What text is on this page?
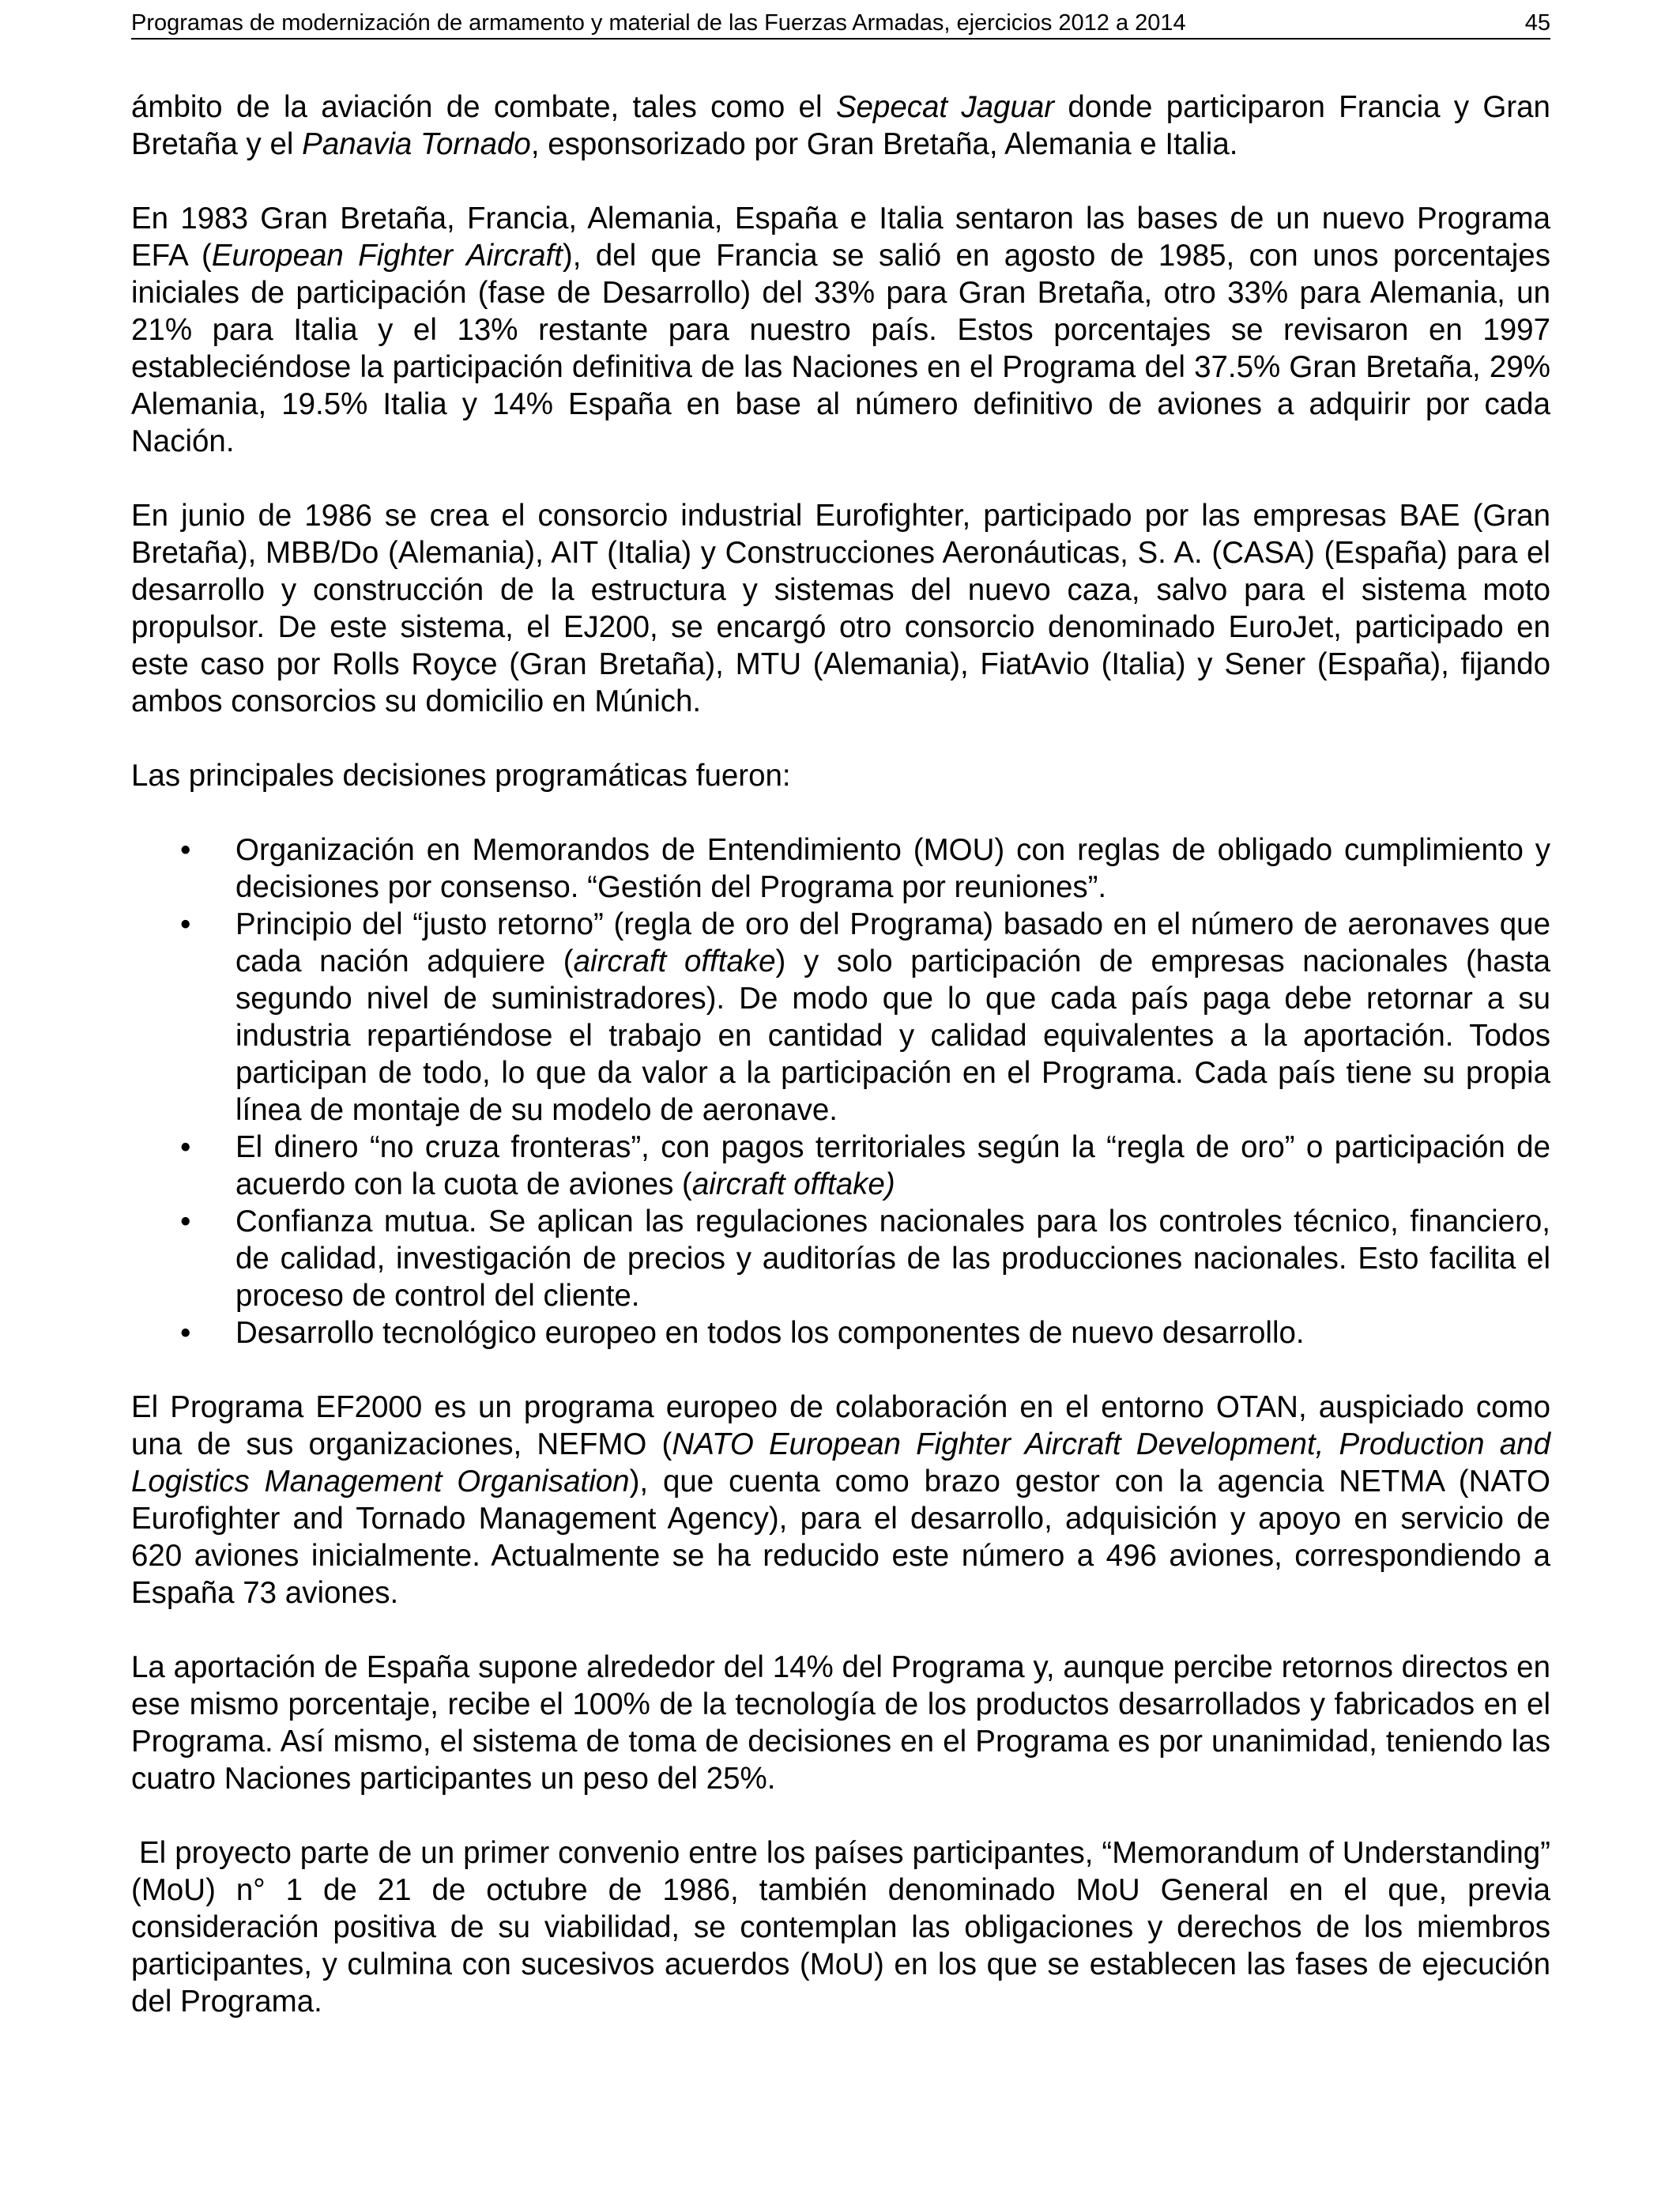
Programas de modernización de armamento y material de las Fuerzas Armadas, ejercicios 2012 a 2014	45

ámbito de la aviación de combate, tales como el Sepecat Jaguar donde participaron Francia y Gran Bretaña y el Panavia Tornado, esponsorizado por Gran Bretaña, Alemania e Italia.

En 1983 Gran Bretaña, Francia, Alemania, España e Italia sentaron las bases de un nuevo Programa EFA (European Fighter Aircraft), del que Francia se salió en agosto de 1985, con unos porcentajes iniciales de participación (fase de Desarrollo) del 33% para Gran Bretaña, otro 33% para Alemania, un 21% para Italia y el 13% restante para nuestro país. Estos porcentajes se revisaron en 1997 estableciéndose la participación definitiva de las Naciones en el Programa del 37.5% Gran Bretaña, 29% Alemania, 19.5% Italia y 14% España en base al número definitivo de aviones a adquirir por cada Nación.

En junio de 1986 se crea el consorcio industrial Eurofighter, participado por las empresas BAE (Gran Bretaña), MBB/Do (Alemania), AIT (Italia) y Construcciones Aeronáuticas, S. A. (CASA) (España) para el desarrollo y construcción de la estructura y sistemas del nuevo caza, salvo para el sistema moto propulsor. De este sistema, el EJ200, se encargó otro consorcio denominado EuroJet, participado en este caso por Rolls Royce (Gran Bretaña), MTU (Alemania), FiatAvio (Italia) y Sener (España), fijando ambos consorcios su domicilio en Múnich.

Las principales decisiones programáticas fueron:

• Organización en Memorandos de Entendimiento (MOU) con reglas de obligado cumplimiento y decisiones por consenso. “Gestión del Programa por reuniones”.
• Principio del “justo retorno” (regla de oro del Programa) basado en el número de aeronaves que cada nación adquiere (aircraft offtake) y solo participación de empresas nacionales (hasta segundo nivel de suministradores). De modo que lo que cada país paga debe retornar a su industria repartiéndose el trabajo en cantidad y calidad equivalentes a la aportación. Todos participan de todo, lo que da valor a la participación en el Programa. Cada país tiene su propia línea de montaje de su modelo de aeronave.
• El dinero “no cruza fronteras”, con pagos territoriales según la “regla de oro” o participación de acuerdo con la cuota de aviones (aircraft offtake)
• Confianza mutua. Se aplican las regulaciones nacionales para los controles técnico, financiero, de calidad, investigación de precios y auditorías de las producciones nacionales. Esto facilita el proceso de control del cliente.
• Desarrollo tecnológico europeo en todos los componentes de nuevo desarrollo.

El Programa EF2000 es un programa europeo de colaboración en el entorno OTAN, auspiciado como una de sus organizaciones, NEFMO (NATO European Fighter Aircraft Development, Production and Logistics Management Organisation), que cuenta como brazo gestor con la agencia NETMA (NATO Eurofighter and Tornado Management Agency), para el desarrollo, adquisición y apoyo en servicio de 620 aviones inicialmente. Actualmente se ha reducido este número a 496 aviones, correspondiendo a España 73 aviones.

La aportación de España supone alrededor del 14% del Programa y, aunque percibe retornos directos en ese mismo porcentaje, recibe el 100% de la tecnología de los productos desarrollados y fabricados en el Programa. Así mismo, el sistema de toma de decisiones en el Programa es por unanimidad, teniendo las cuatro Naciones participantes un peso del 25%.

El proyecto parte de un primer convenio entre los países participantes, “Memorandum of Understanding” (MoU) n° 1 de 21 de octubre de 1986, también denominado MoU General en el que, previa consideración positiva de su viabilidad, se contemplan las obligaciones y derechos de los miembros participantes, y culmina con sucesivos acuerdos (MoU) en los que se establecen las fases de ejecución del Programa.
